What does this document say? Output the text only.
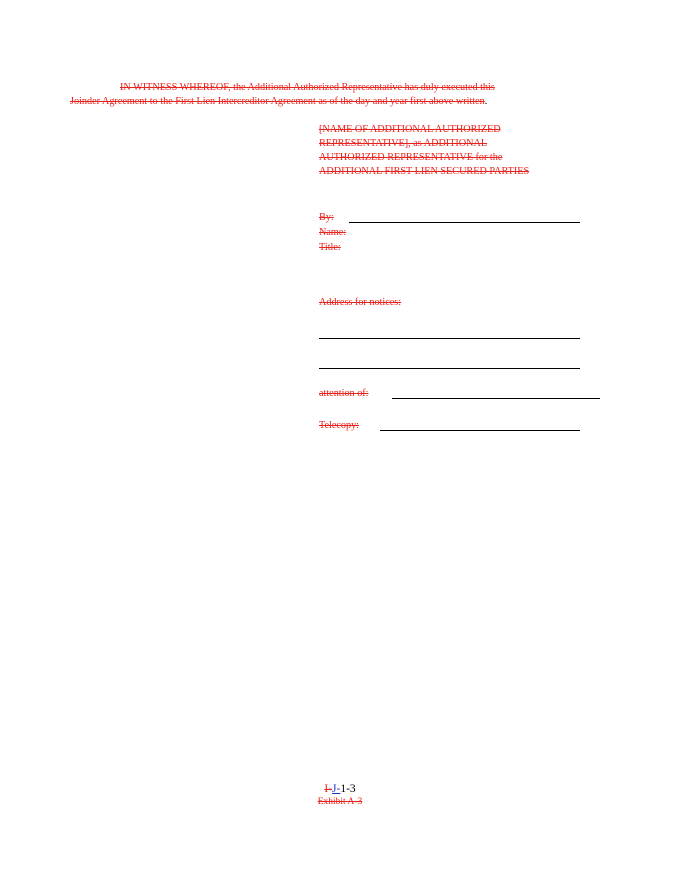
IN WITNESS WHEREOF, the Additional Authorized Representative has duly executed this
Joinder Agreement to the First Lien Intercreditor Agreement as of the day and year first above written.
[NAME OF ADDITIONAL AUTHORIZED
REPRESENTATIVE], as ADDITIONAL
AUTHORIZED REPRESENTATIVE for the
ADDITIONAL FIRST LIEN SECURED PARTIES
By:
Name:
Title:
Address for notices:
attention of:
Telecopy:
I-J-1-3
Exhibit A-3
